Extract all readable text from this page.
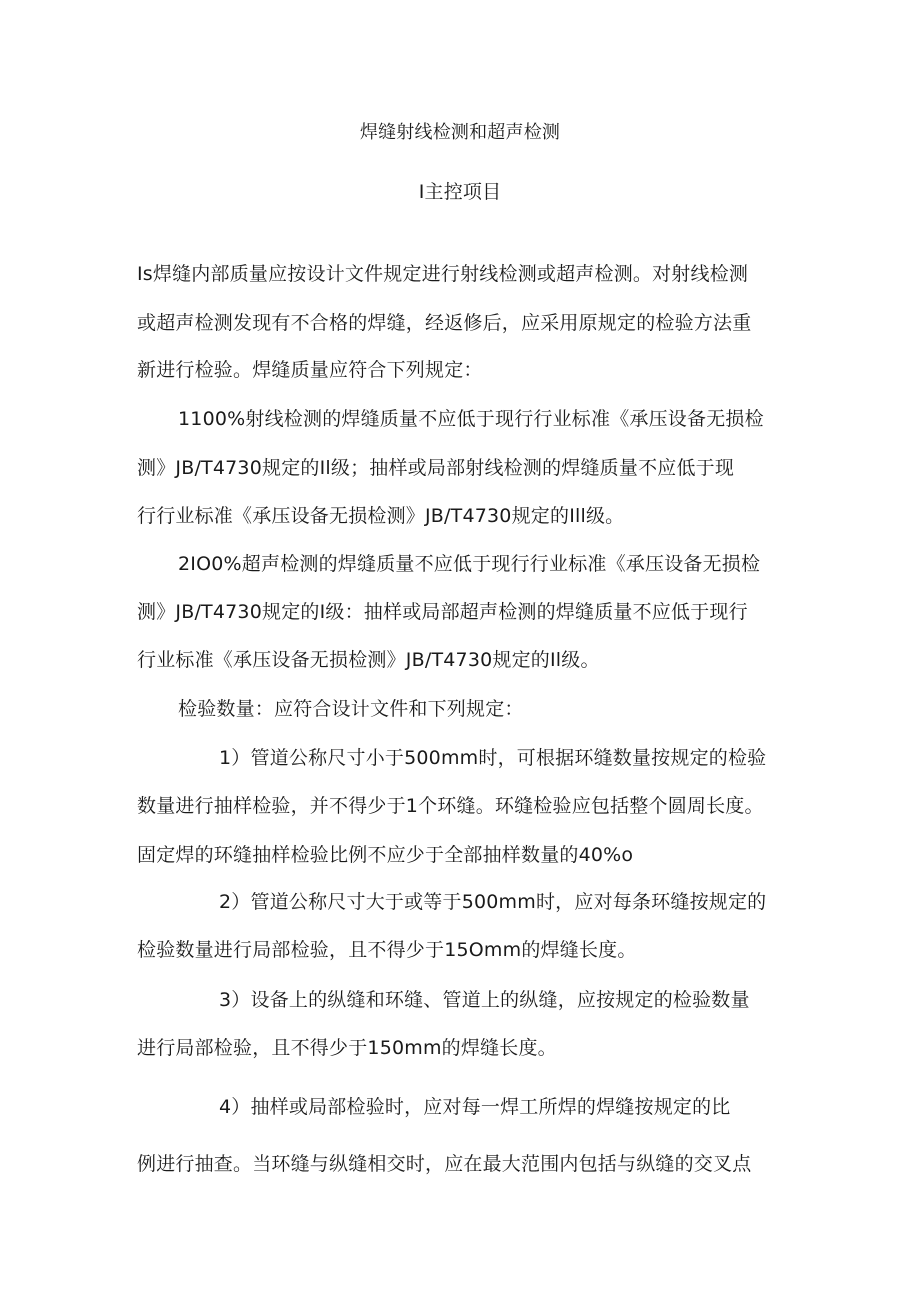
焊缝射线检测和超声检测
I主控项目
Is焊缝内部质量应按设计文件规定进行射线检测或超声检测。对射线检测
或超声检测发现有不合格的焊缝，经返修后，应采用原规定的检验方法重
新进行检验。焊缝质量应符合下列规定：
1100%射线检测的焊缝质量不应低于现行行业标准《承压设备无损检
测》JB/T4730规定的Il级；抽样或局部射线检测的焊缝质量不应低于现
行行业标准《承压设备无损检测》JB/T4730规定的Ill级。
2IO0%超声检测的焊缝质量不应低于现行行业标准《承压设备无损检
测》JB/T4730规定的I级：抽样或局部超声检测的焊缝质量不应低于现行
行业标准《承压设备无损检测》JB/T4730规定的Il级。
检验数量：应符合设计文件和下列规定：
1）管道公称尺寸小于500mm时，可根据环缝数量按规定的检验
数量进行抽样检验，并不得少于1个环缝。环缝检验应包括整个圆周长度。
固定焊的环缝抽样检验比例不应少于全部抽样数量的40%o
2）管道公称尺寸大于或等于500mm时，应对每条环缝按规定的
检验数量进行局部检验，且不得少于15Omm的焊缝长度。
3）设备上的纵缝和环缝、管道上的纵缝，应按规定的检验数量
进行局部检验，且不得少于150mm的焊缝长度。
4）抽样或局部检验时，应对每一焊工所焊的焊缝按规定的比
例进行抽查。当环缝与纵缝相交时，应在最大范围内包括与纵缝的交叉点
